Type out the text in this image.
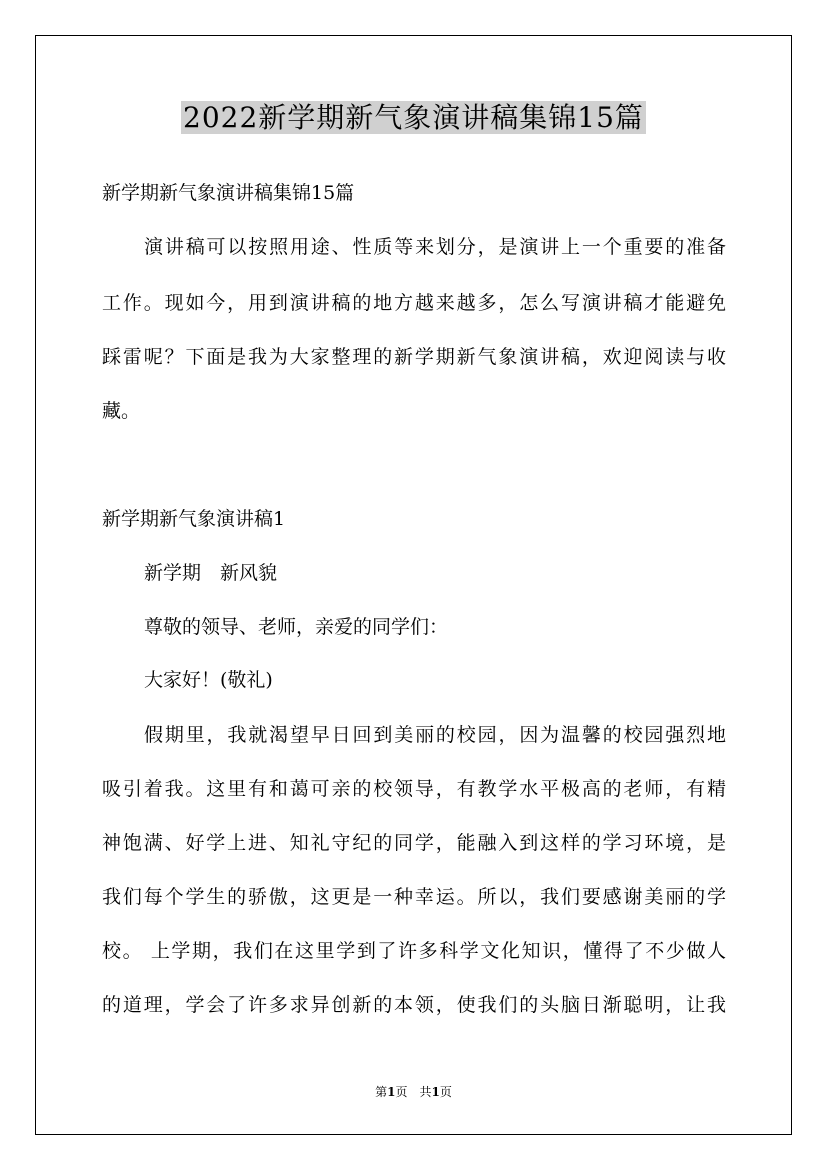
2022新学期新气象演讲稿集锦15篇
新学期新气象演讲稿集锦15篇
演讲稿可以按照用途、性质等来划分，是演讲上一个重要的准备
工作。现如今，用到演讲稿的地方越来越多，怎么写演讲稿才能避免
踩雷呢？下面是我为大家整理的新学期新气象演讲稿，欢迎阅读与收
藏。
新学期新气象演讲稿1
新学期　新风貌
尊敬的领导、老师，亲爱的同学们：
大家好！(敬礼)
假期里，我就渴望早日回到美丽的校园，因为温馨的校园强烈地
吸引着我。这里有和蔼可亲的校领导，有教学水平极高的老师，有精
神饱满、好学上进、知礼守纪的同学，能融入到这样的学习环境，是
我们每个学生的骄傲，这更是一种幸运。所以，我们要感谢美丽的学
校。 上学期，我们在这里学到了许多科学文化知识，懂得了不少做人
的道理，学会了许多求异创新的本领，使我们的头脑日渐聪明，让我
第1页　共1页
